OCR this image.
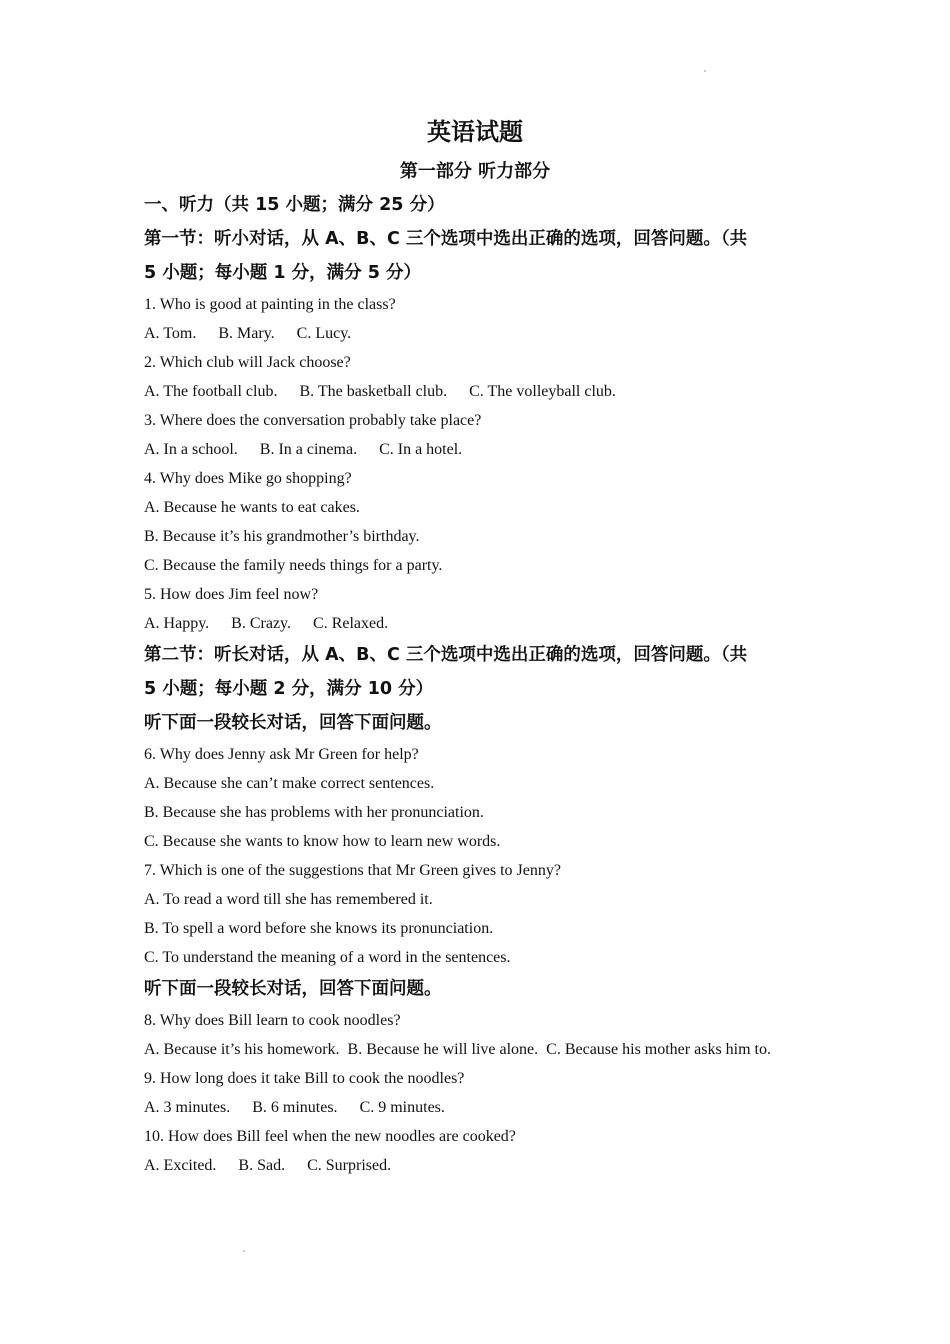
英语试题
第一部分 听力部分

一、听力（共 15 小题；满分 25 分）

第一节：听小对话，从 A、B、C 三个选项中选出正确的选项，回答问题。（共

5 小题；每小题 1 分，满分 5 分）

1. Who is good at painting in the class?

A. Tom. B. Mary. C. Lucy.

2. Which club will Jack choose?

A. The football club. B. The basketball club. C. The volleyball club.

3. Where does the conversation probably take place?

A. In a school. B. In a cinema. C. In a hotel.

4. Why does Mike go shopping?

A. Because he wants to eat cakes.

B. Because it’s his grandmother’s birthday.

C. Because the family needs things for a party.

5. How does Jim feel now?

A. Happy. B. Crazy. C. Relaxed.

第二节：听长对话，从 A、B、C 三个选项中选出正确的选项，回答问题。（共

5 小题；每小题 2 分，满分 10 分）

听下面一段较长对话，回答下面问题。

6. Why does Jenny ask Mr Green for help?

A. Because she can’t make correct sentences.

B. Because she has problems with her pronunciation.

C. Because she wants to know how to learn new words.

7. Which is one of the suggestions that Mr Green gives to Jenny?

A. To read a word till she has remembered it.

B. To spell a word before she knows its pronunciation.

C. To understand the meaning of a word in the sentences.

听下面一段较长对话，回答下面问题。

8. Why does Bill learn to cook noodles?

A. Because it’s his homework. B. Because he will live alone. C. Because his mother asks him to.

9. How long does it take Bill to cook the noodles?

A. 3 minutes. B. 6 minutes. C. 9 minutes.

10. How does Bill feel when the new noodles are cooked?

A. Excited. B. Sad. C. Surprised.
